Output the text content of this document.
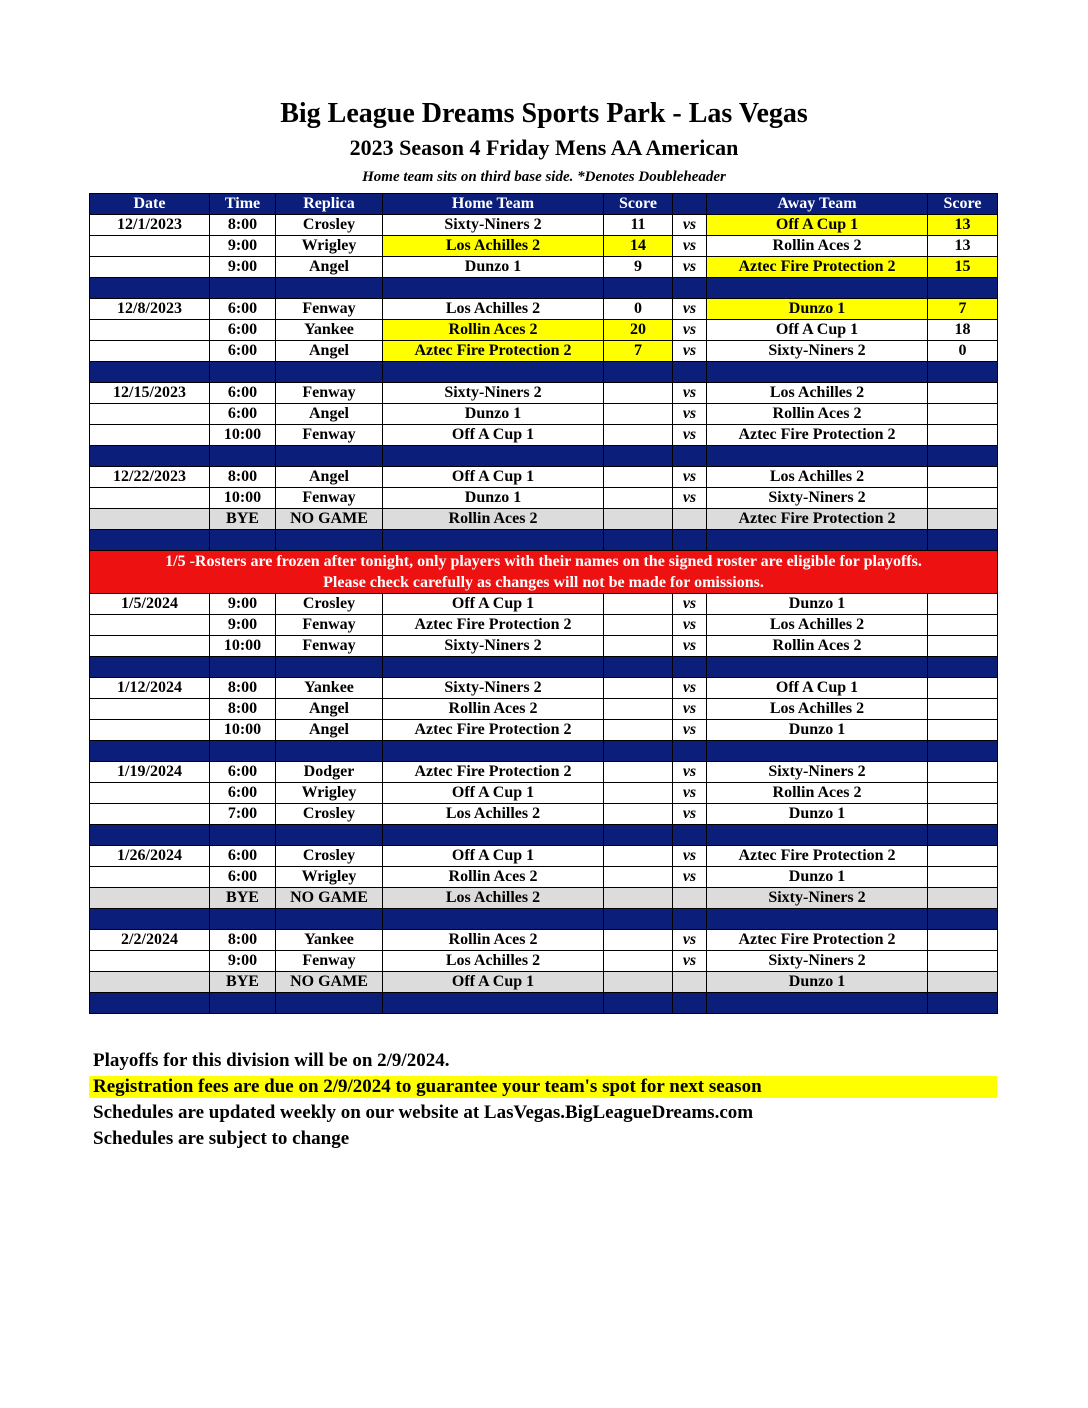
Big League Dreams Sports Park - Las Vegas
2023 Season 4 Friday Mens AA American
Home team sits on third base side. *Denotes Doubleheader
Date	Time	Replica	Home Team	Score		Away Team	Score
12/1/2023	8:00	Crosley	Sixty-Niners 2	11	vs	Off A Cup 1	13
	9:00	Wrigley	Los Achilles 2	14	vs	Rollin Aces 2	13
	9:00	Angel	Dunzo 1	9	vs	Aztec Fire Protection 2	15

12/8/2023	6:00	Fenway	Los Achilles 2	0	vs	Dunzo 1	7
	6:00	Yankee	Rollin Aces 2	20	vs	Off A Cup 1	18
	6:00	Angel	Aztec Fire Protection 2	7	vs	Sixty-Niners 2	0

12/15/2023	6:00	Fenway	Sixty-Niners 2		vs	Los Achilles 2	
	6:00	Angel	Dunzo 1		vs	Rollin Aces 2	
	10:00	Fenway	Off A Cup 1		vs	Aztec Fire Protection 2	

12/22/2023	8:00	Angel	Off A Cup 1		vs	Los Achilles 2	
	10:00	Fenway	Dunzo 1		vs	Sixty-Niners 2	
	BYE	NO GAME	Rollin Aces 2			Aztec Fire Protection 2	

1/5 -Rosters are frozen after tonight, only players with their names on the signed roster are eligible for playoffs.
Please check carefully as changes will not be made for omissions.							

1/5/2024	9:00	Crosley	Off A Cup 1		vs	Dunzo 1	
	9:00	Fenway	Aztec Fire Protection 2		vs	Los Achilles 2	
	10:00	Fenway	Sixty-Niners 2		vs	Rollin Aces 2	

1/12/2024	8:00	Yankee	Sixty-Niners 2		vs	Off A Cup 1	
	8:00	Angel	Rollin Aces 2		vs	Los Achilles 2	
	10:00	Angel	Aztec Fire Protection 2		vs	Dunzo 1	

1/19/2024	6:00	Dodger	Aztec Fire Protection 2		vs	Sixty-Niners 2	
	6:00	Wrigley	Off A Cup 1		vs	Rollin Aces 2	
	7:00	Crosley	Los Achilles 2		vs	Dunzo 1	

1/26/2024	6:00	Crosley	Off A Cup 1		vs	Aztec Fire Protection 2	
	6:00	Wrigley	Rollin Aces 2		vs	Dunzo 1	
	BYE	NO GAME	Los Achilles 2			Sixty-Niners 2	

2/2/2024	8:00	Yankee	Rollin Aces 2		vs	Aztec Fire Protection 2	
	9:00	Fenway	Los Achilles 2		vs	Sixty-Niners 2	
	BYE	NO GAME	Off A Cup 1			Dunzo 1	

Playoffs for this division will be on 2/9/2024.
Registration fees are due on 2/9/2024 to guarantee your team's spot for next season
Schedules are updated weekly on our website at LasVegas.BigLeagueDreams.com
Schedules are subject to change
